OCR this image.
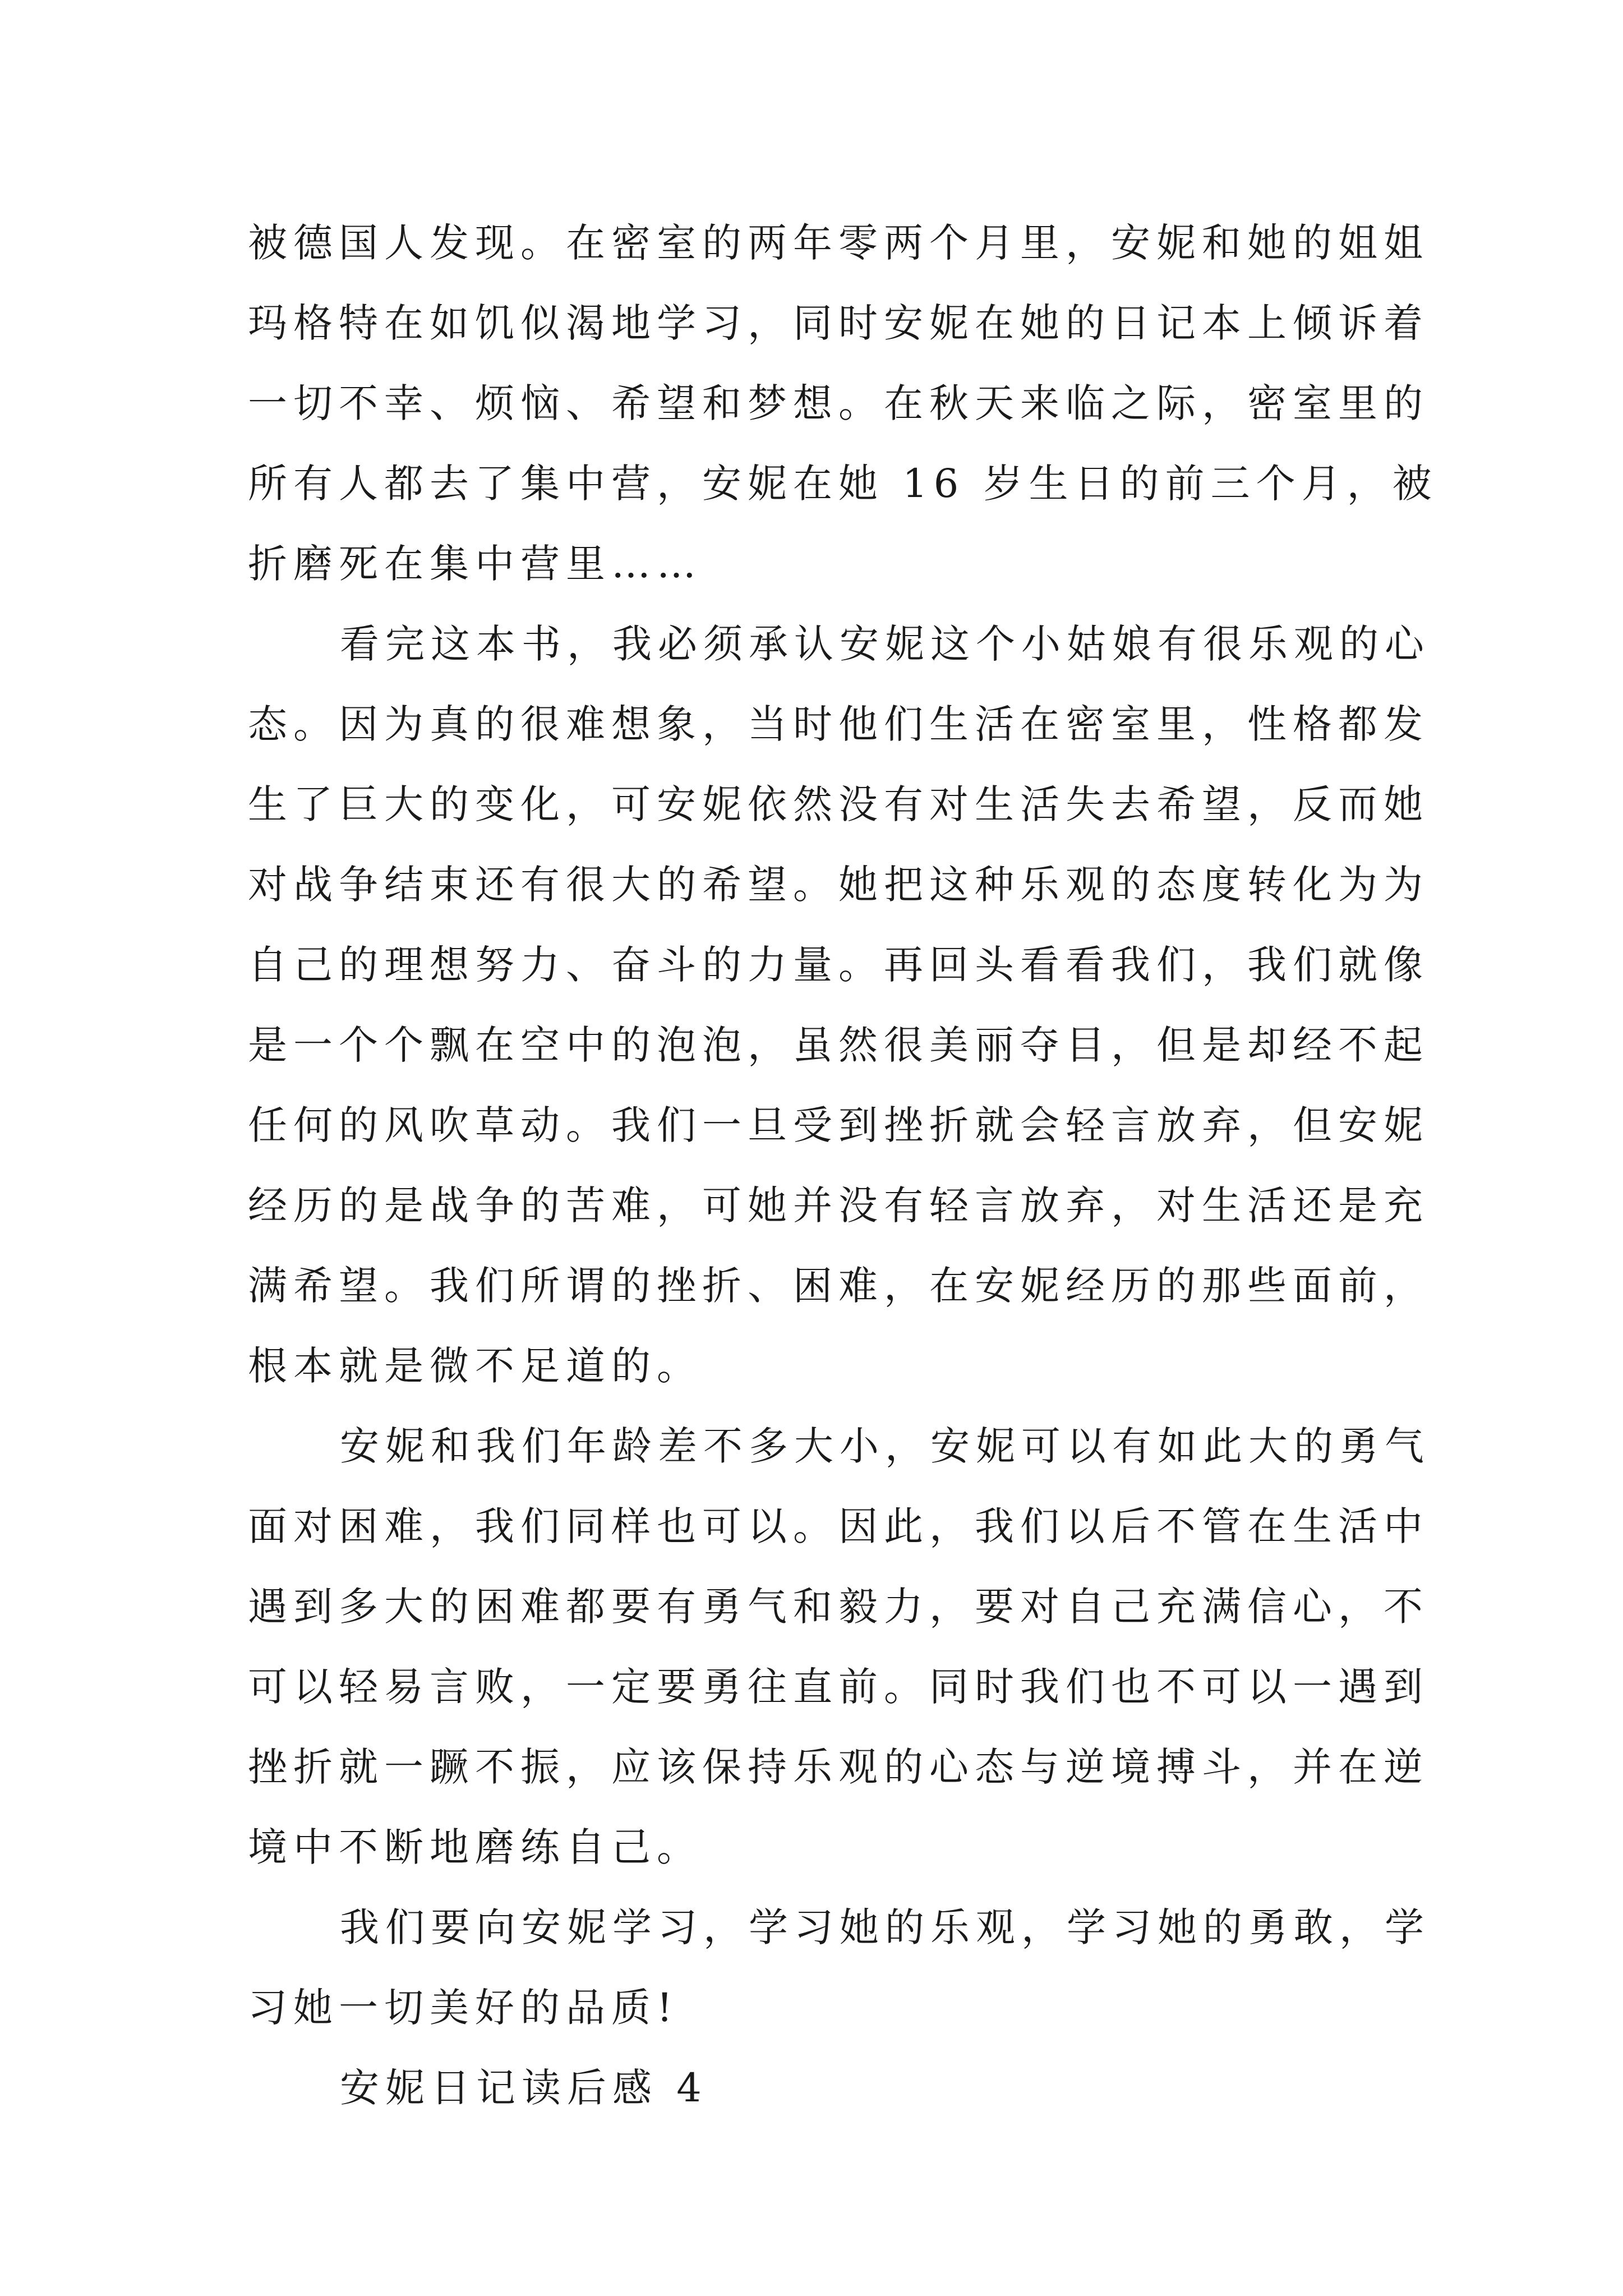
被德国人发现。在密室的两年零两个月里，安妮和她的姐姐
玛格特在如饥似渴地学习，同时安妮在她的日记本上倾诉着
一切不幸、烦恼、希望和梦想。在秋天来临之际，密室里的
所有人都去了集中营，安妮在她 16 岁生日的前三个月，被
折磨死在集中营里……
看完这本书，我必须承认安妮这个小姑娘有很乐观的心
态。因为真的很难想象，当时他们生活在密室里，性格都发
生了巨大的变化，可安妮依然没有对生活失去希望，反而她
对战争结束还有很大的希望。她把这种乐观的态度转化为为
自己的理想努力、奋斗的力量。再回头看看我们，我们就像
是一个个飘在空中的泡泡，虽然很美丽夺目，但是却经不起
任何的风吹草动。我们一旦受到挫折就会轻言放弃，但安妮
经历的是战争的苦难，可她并没有轻言放弃，对生活还是充
满希望。我们所谓的挫折、困难，在安妮经历的那些面前，
根本就是微不足道的。
安妮和我们年龄差不多大小，安妮可以有如此大的勇气
面对困难，我们同样也可以。因此，我们以后不管在生活中
遇到多大的困难都要有勇气和毅力，要对自己充满信心，不
可以轻易言败，一定要勇往直前。同时我们也不可以一遇到
挫折就一蹶不振，应该保持乐观的心态与逆境搏斗，并在逆
境中不断地磨练自己。
我们要向安妮学习，学习她的乐观，学习她的勇敢，学
习她一切美好的品质!
安妮日记读后感 4
